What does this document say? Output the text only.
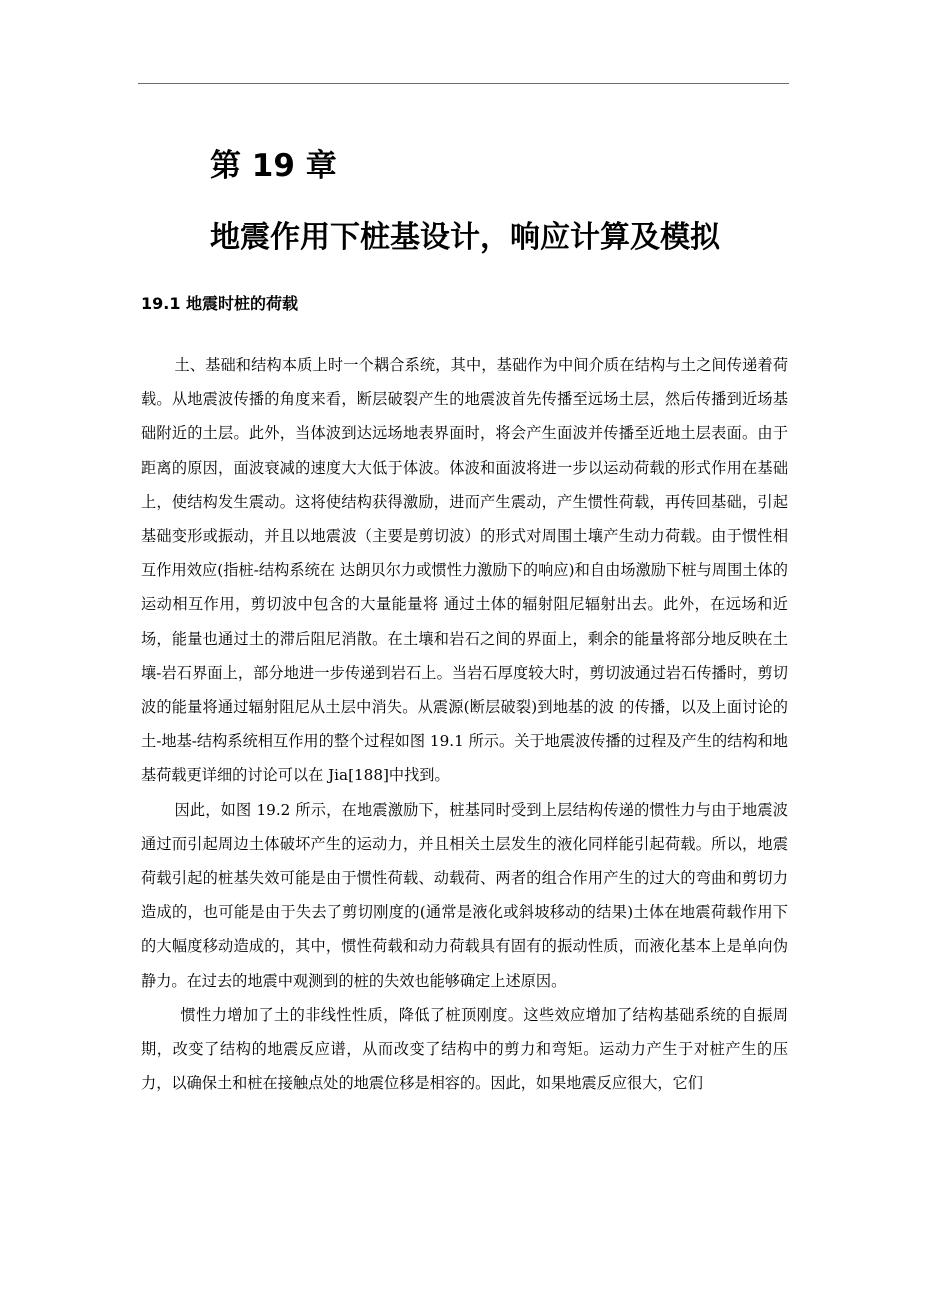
第 19 章
地震作用下桩基设计，响应计算及模拟
19.1 地震时桩的荷载

土、基础和结构本质上时一个耦合系统，其中，基础作为中间介质在结构与土之间传递着荷载。从地震波传播的角度来看，断层破裂产生的地震波首先传播至远场土层，然后传播到近场基础附近的土层。此外，当体波到达远场地表界面时，将会产生面波并传播至近地土层表面。由于距离的原因，面波衰减的速度大大低于体波。体波和面波将进一步以运动荷载的形式作用在基础上，使结构发生震动。这将使结构获得激励，进而产生震动，产生惯性荷载，再传回基础，引起基础变形或振动，并且以地震波（主要是剪切波）的形式对周围土壤产生动力荷载。由于惯性相互作用效应(指桩-结构系统在 达朗贝尔力或惯性力激励下的响应)和自由场激励下桩与周围土体的运动相互作用，剪切波中包含的大量能量将 通过土体的辐射阻尼辐射出去。此外，在远场和近场，能量也通过土的滞后阻尼消散。在土壤和岩石之间的界面上，剩余的能量将部分地反映在土壤-岩石界面上，部分地进一步传递到岩石上。当岩石厚度较大时，剪切波通过岩石传播时，剪切波的能量将通过辐射阻尼从土层中消失。从震源(断层破裂)到地基的波 的传播，以及上面讨论的土-地基-结构系统相互作用的整个过程如图 19.1 所示。关于地震波传播的过程及产生的结构和地基荷载更详细的讨论可以在 Jia[188]中找到。

因此，如图 19.2 所示，在地震激励下，桩基同时受到上层结构传递的惯性力与由于地震波通过而引起周边土体破坏产生的运动力，并且相关土层发生的液化同样能引起荷载。所以，地震荷载引起的桩基失效可能是由于惯性荷载、动载荷、两者的组合作用产生的过大的弯曲和剪切力造成的，也可能是由于失去了剪切刚度的(通常是液化或斜坡移动的结果)土体在地震荷载作用下的大幅度移动造成的，其中，惯性荷载和动力荷载具有固有的振动性质，而液化基本上是单向伪静力。在过去的地震中观测到的桩的失效也能够确定上述原因。

惯性力增加了土的非线性性质，降低了桩顶刚度。这些效应增加了结构基础系统的自振周期，改变了结构的地震反应谱，从而改变了结构中的剪力和弯矩。运动力产生于对桩产生的压力，以确保土和桩在接触点处的地震位移是相容的。因此，如果地震反应很大，它们
